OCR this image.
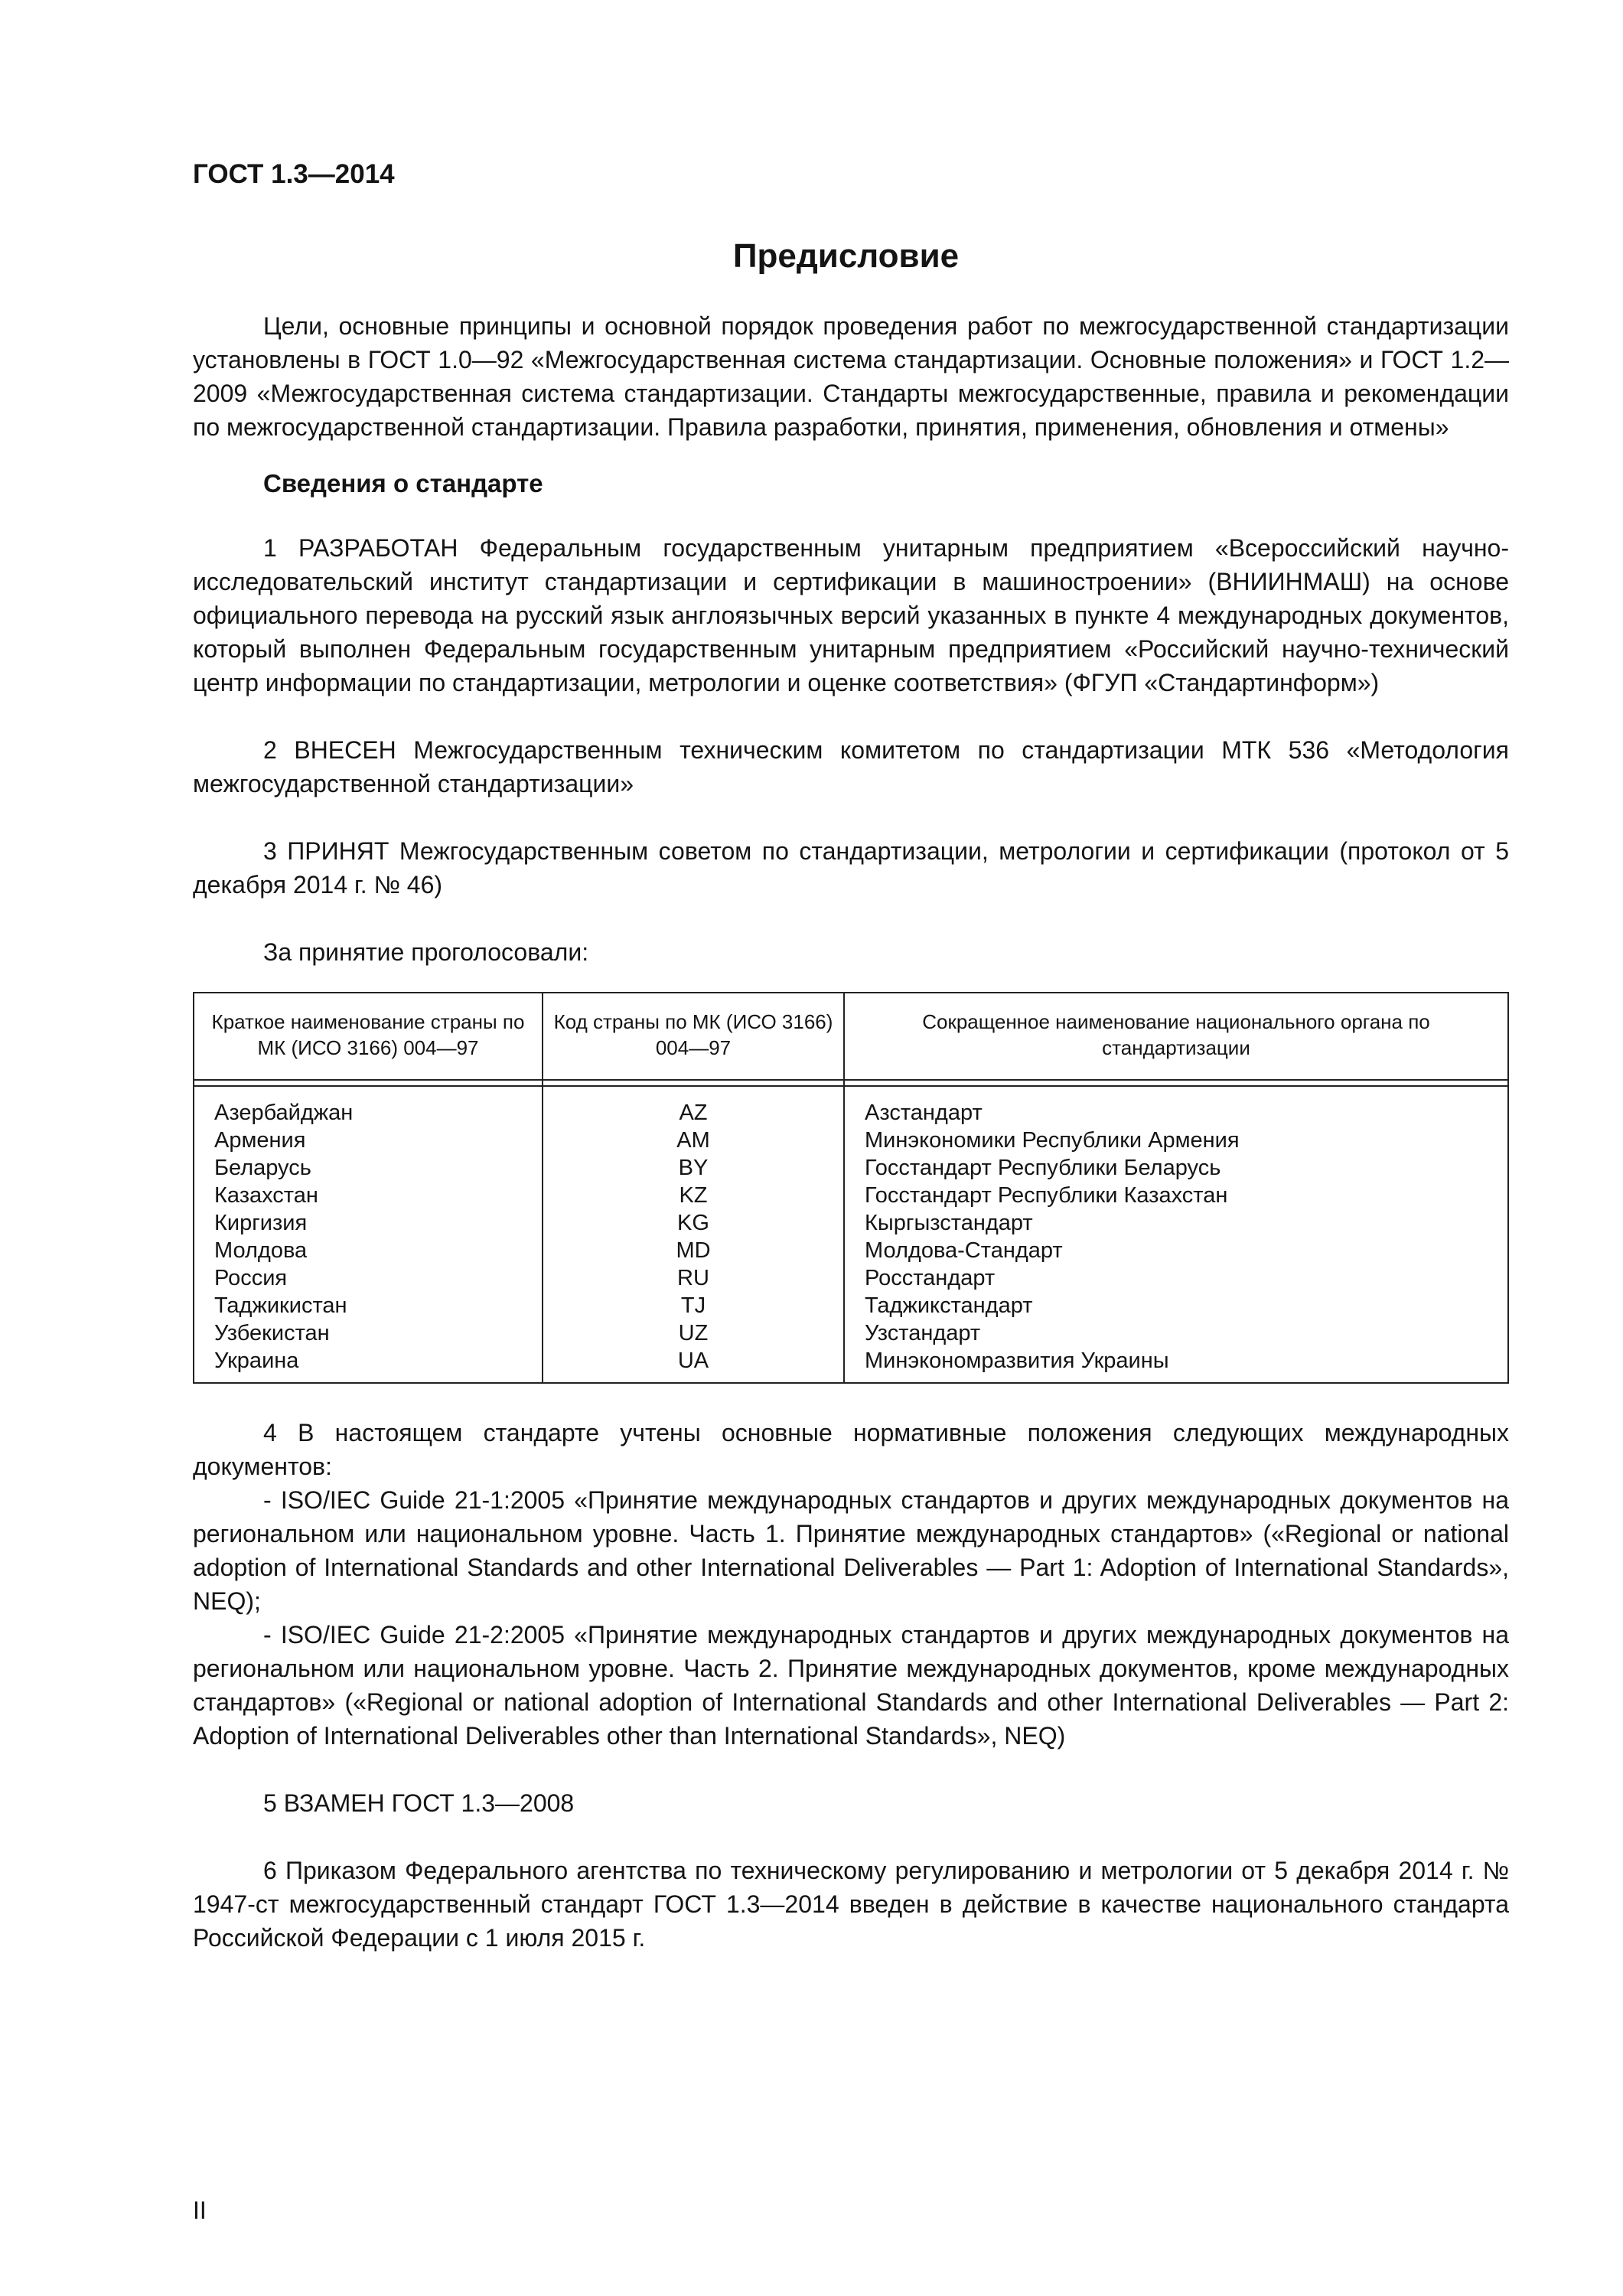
ГОСТ 1.3—2014
Предисловие

Цели, основные принципы и основной порядок проведения работ по межгосударственной стандартизации установлены в ГОСТ 1.0—92 «Межгосударственная система стандартизации. Основные положения» и ГОСТ 1.2—2009 «Межгосударственная система стандартизации. Стандарты межгосударственные, правила и рекомендации по межгосударственной стандартизации. Правила разработки, принятия, применения, обновления и отмены»

Сведения о стандарте

1 РАЗРАБОТАН Федеральным государственным унитарным предприятием «Всероссийский научно-исследовательский институт стандартизации и сертификации в машиностроении» (ВНИИНМАШ) на основе официального перевода на русский язык англоязычных версий указанных в пункте 4 международных документов, который выполнен Федеральным государственным унитарным предприятием «Российский научно-технический центр информации по стандартизации, метрологии и оценке соответствия» (ФГУП «Стандартинформ»)

2 ВНЕСЕН Межгосударственным техническим комитетом по стандартизации МТК 536 «Методология межгосударственной стандартизации»

3 ПРИНЯТ Межгосударственным советом по стандартизации, метрологии и сертификации (протокол от 5 декабря 2014 г. № 46)

За принятие проголосовали:

Краткое наименование страны по МК (ИСО 3166) 004—97	Код страны по МК (ИСО 3166) 004—97	Сокращенное наименование национального органа по стандартизации

Азербайджан	AZ	Азстандарт
Армения	AM	Минэкономики Республики Армения
Беларусь	BY	Госстандарт Республики Беларусь
Казахстан	KZ	Госстандарт Республики Казахстан
Киргизия	KG	Кыргызстандарт
Молдова	MD	Молдова-Стандарт
Россия	RU	Росстандарт
Таджикистан	TJ	Таджикстандарт
Узбекистан	UZ	Узстандарт
Украина	UA	Минэкономразвития Украины

4 В настоящем стандарте учтены основные нормативные положения следующих международных документов:

- ISO/IEC Guide 21-1:2005 «Принятие международных стандартов и других международных документов на региональном или национальном уровне. Часть 1. Принятие международных стандартов» («Regional or national adoption of International Standards and other International Deliverables — Part 1: Adoption of International Standards», NEQ);

- ISO/IEC Guide 21-2:2005 «Принятие международных стандартов и других международных документов на региональном или национальном уровне. Часть 2. Принятие международных документов, кроме международных стандартов» («Regional or national adoption of International Standards and other International Deliverables — Part 2: Adoption of International Deliverables other than International Standards», NEQ)

5 ВЗАМЕН ГОСТ 1.3—2008

6 Приказом Федерального агентства по техническому регулированию и метрологии от 5 декабря 2014 г. № 1947-ст межгосударственный стандарт ГОСТ 1.3—2014 введен в действие в качестве национального стандарта Российской Федерации с 1 июля 2015 г.

II
